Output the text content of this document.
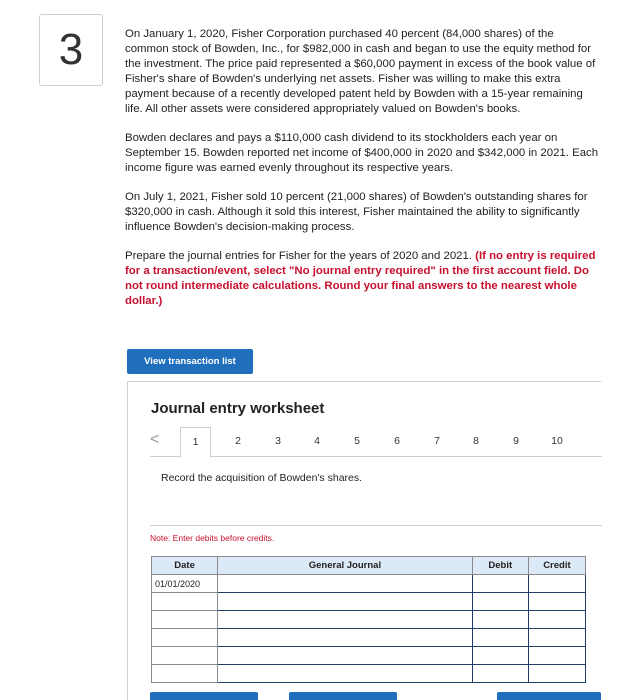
3	On January 1, 2020, Fisher Corporation purchased 40 percent (84,000 shares) of the common stock of Bowden, Inc., for $982,000 in cash and began to use the equity method for the investment. The price paid represented a $60,000 payment in excess of the book value of Fisher's share of Bowden's underlying net assets. Fisher was willing to make this extra payment because of a recently developed patent held by Bowden with a 15-year remaining life. All other assets were considered appropriately valued on Bowden's books.

Bowden declares and pays a $110,000 cash dividend to its stockholders each year on September 15. Bowden reported net income of $400,000 in 2020 and $342,000 in 2021. Each income figure was earned evenly throughout its respective years.

On July 1, 2021, Fisher sold 10 percent (21,000 shares) of Bowden's outstanding shares for $320,000 in cash. Although it sold this interest, Fisher maintained the ability to significantly influence Bowden's decision-making process.

Prepare the journal entries for Fisher for the years of 2020 and 2021. (If no entry is required for a transaction/event, select "No journal entry required" in the first account field. Do not round intermediate calculations. Round your final answers to the nearest whole dollar.)

View transaction list
Journal entry worksheet
<	1	2	3	4	5	6	7	8	9	10
Record the acquisition of Bowden's shares.
Note: Enter debits before credits.
Date	General Journal	Debit	Credit
01/01/2020			
